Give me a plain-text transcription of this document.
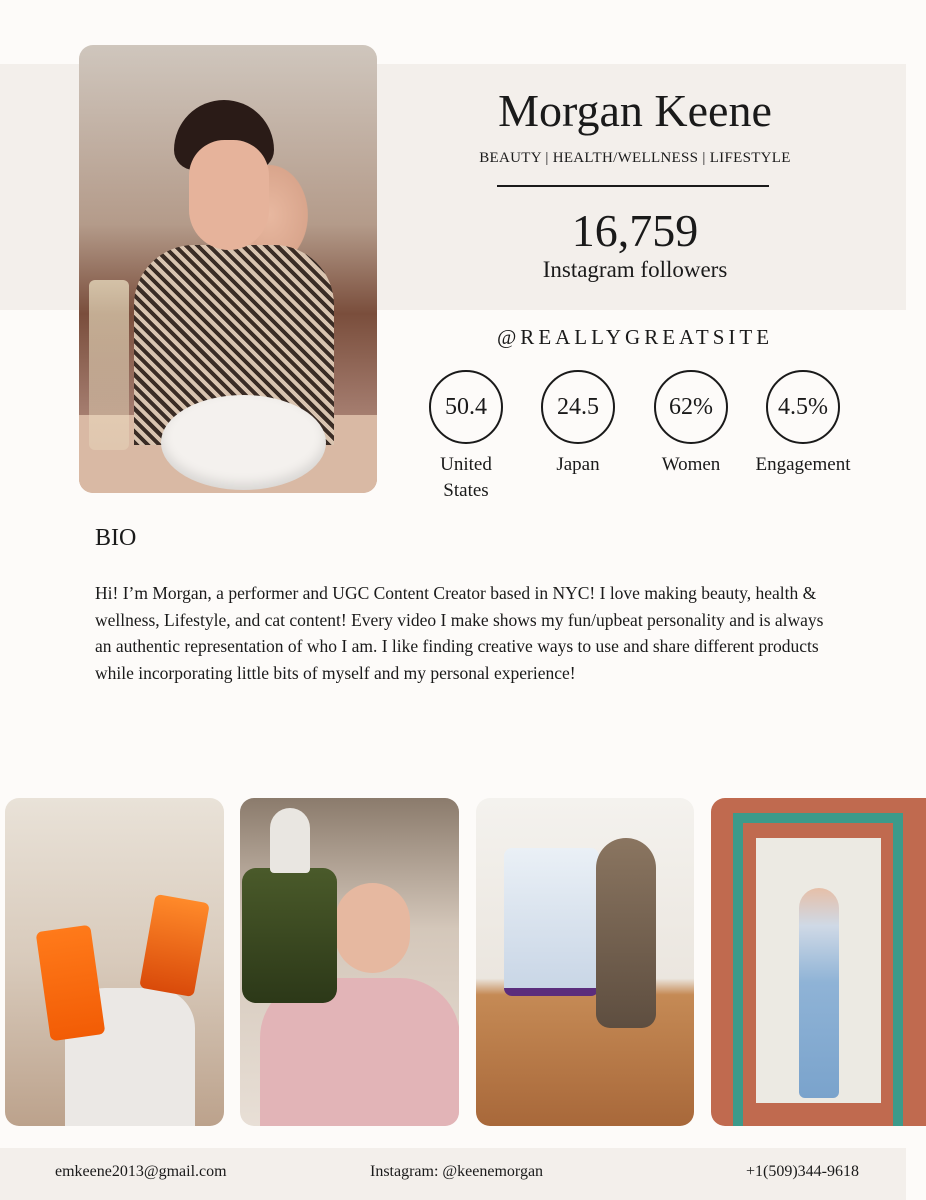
Morgan Keene
BEAUTY | HEALTH/WELLNESS | LIFESTYLE
16,759
Instagram followers
@REALLYGREATSITE
50.4
United
States
24.5
Japan
62%
Women
4.5%
Engagement
BIO
Hi! I’m Morgan, a performer and UGC Content Creator based in NYC! I love making beauty, health & wellness, Lifestyle, and cat content! Every video I make shows my fun/upbeat personality and is always an authentic representation of who I am. I like finding creative ways to use and share different products while incorporating little bits of myself and my personal experience!
emkeene2013@gmail.com	Instagram: @keenemorgan	+1(509)344-9618
